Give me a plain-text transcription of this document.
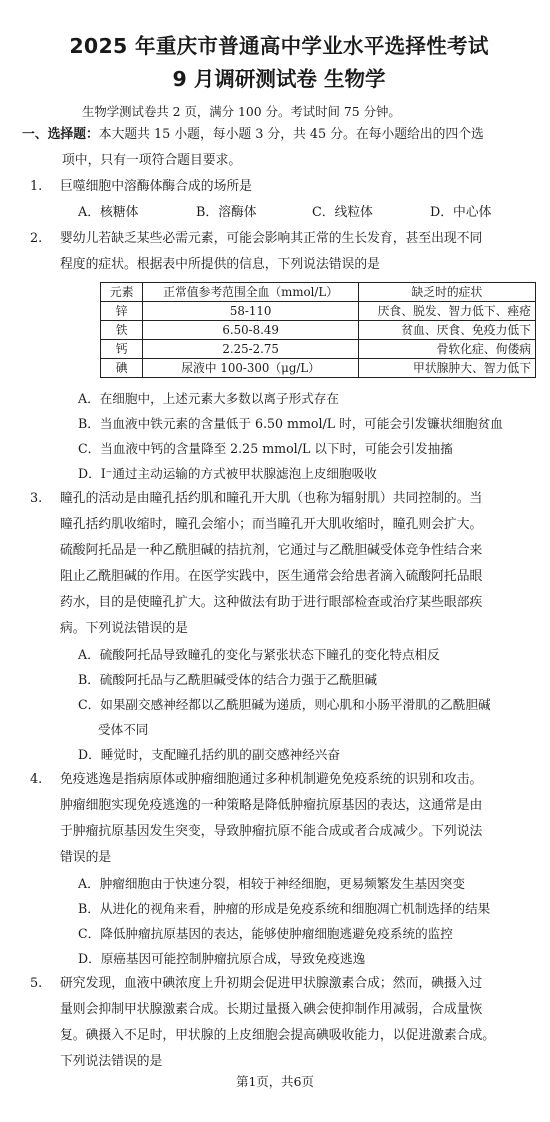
2025 年重庆市普通高中学业水平选择性考试
9 月调研测试卷 生物学
生物学测试卷共 2 页，满分 100 分。考试时间 75 分钟。
一、选择题：本大题共 15 小题，每小题 3 分，共 45 分。在每小题给出的四个选
项中，只有一项符合题目要求。
1.	巨噬细胞中溶酶体酶合成的场所是
A．核糖体	B．溶酶体	C．线粒体	D．中心体
2.	婴幼儿若缺乏某些必需元素，可能会影响其正常的生长发育，甚至出现不同
程度的症状。根据表中所提供的信息，下列说法错误的是
元素	正常值参考范围全血（mmol/L）	缺乏时的症状
锌	58-110	厌食、脱发、智力低下、痤疮
铁	6.50-8.49	贫血、厌食、免疫力低下
钙	2.25-2.75	骨软化症、佝偻病
碘	尿液中 100-300（μg/L）	甲状腺肿大、智力低下
A．在细胞中，上述元素大多数以离子形式存在
B．当血液中铁元素的含量低于 6.50 mmol/L 时，可能会引发镰状细胞贫血
C．当血液中钙的含量降至 2.25 mmol/L 以下时，可能会引发抽搐
D．I⁻通过主动运输的方式被甲状腺滤泡上皮细胞吸收
3.	瞳孔的活动是由瞳孔括约肌和瞳孔开大肌（也称为辐射肌）共同控制的。当
瞳孔括约肌收缩时，瞳孔会缩小；而当瞳孔开大肌收缩时，瞳孔则会扩大。
硫酸阿托品是一种乙酰胆碱的拮抗剂，它通过与乙酰胆碱受体竞争性结合来
阻止乙酰胆碱的作用。在医学实践中，医生通常会给患者滴入硫酸阿托品眼
药水，目的是使瞳孔扩大。这种做法有助于进行眼部检查或治疗某些眼部疾
病。下列说法错误的是
A．硫酸阿托品导致瞳孔的变化与紧张状态下瞳孔的变化特点相反
B．硫酸阿托品与乙酰胆碱受体的结合力强于乙酰胆碱
C．如果副交感神经都以乙酰胆碱为递质，则心肌和小肠平滑肌的乙酰胆碱
受体不同
D．睡觉时，支配瞳孔括约肌的副交感神经兴奋
4.	免疫逃逸是指病原体或肿瘤细胞通过多种机制避免免疫系统的识别和攻击。
肿瘤细胞实现免疫逃逸的一种策略是降低肿瘤抗原基因的表达，这通常是由
于肿瘤抗原基因发生突变，导致肿瘤抗原不能合成或者合成减少。下列说法
错误的是
A．肿瘤细胞由于快速分裂，相较于神经细胞，更易频繁发生基因突变
B．从进化的视角来看，肿瘤的形成是免疫系统和细胞凋亡机制选择的结果
C．降低肿瘤抗原基因的表达，能够使肿瘤细胞逃避免疫系统的监控
D．原癌基因可能控制肿瘤抗原合成，导致免疫逃逸
5.	研究发现，血液中碘浓度上升初期会促进甲状腺激素合成；然而，碘摄入过
量则会抑制甲状腺激素合成。长期过量摄入碘会使抑制作用减弱，合成量恢
复。碘摄入不足时，甲状腺的上皮细胞会提高碘吸收能力，以促进激素合成。
下列说法错误的是
第1页，共6页
